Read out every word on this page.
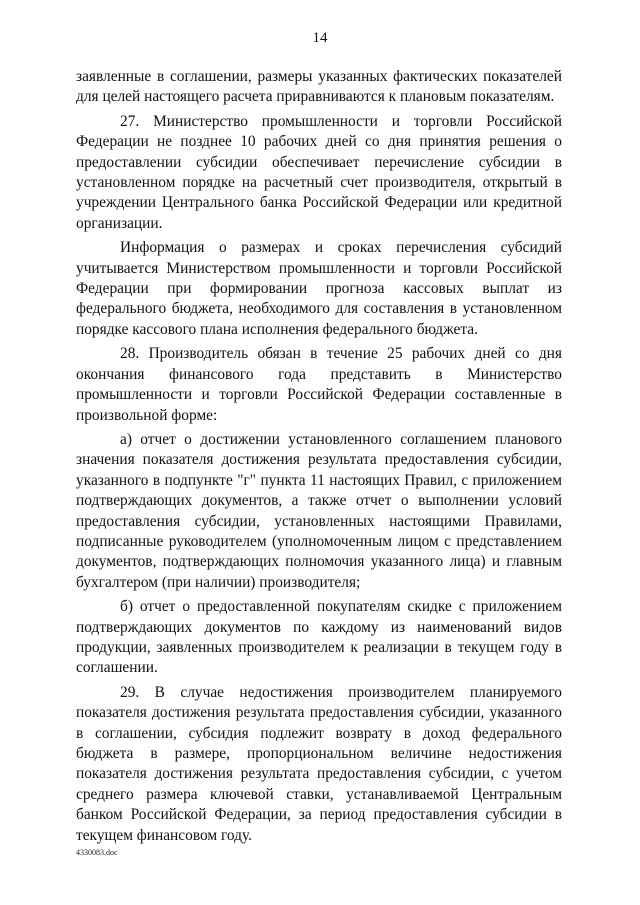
14

заявленные в соглашении, размеры указанных фактических показателей для целей настоящего расчета приравниваются к плановым показателям.

27. Министерство промышленности и торговли Российской Федерации не позднее 10 рабочих дней со дня принятия решения о предоставлении субсидии обеспечивает перечисление субсидии в установленном порядке на расчетный счет производителя, открытый в учреждении Центрального банка Российской Федерации или кредитной организации.

Информация о размерах и сроках перечисления субсидий учитывается Министерством промышленности и торговли Российской Федерации при формировании прогноза кассовых выплат из федерального бюджета, необходимого для составления в установленном порядке кассового плана исполнения федерального бюджета.

28. Производитель обязан в течение 25 рабочих дней со дня окончания финансового года представить в Министерство промышленности и торговли Российской Федерации составленные в произвольной форме:

а) отчет о достижении установленного соглашением планового значения показателя достижения результата предоставления субсидии, указанного в подпункте "г" пункта 11 настоящих Правил, с приложением подтверждающих документов, а также отчет о выполнении условий предоставления субсидии, установленных настоящими Правилами, подписанные руководителем (уполномоченным лицом с представлением документов, подтверждающих полномочия указанного лица) и главным бухгалтером (при наличии) производителя;

б) отчет о предоставленной покупателям скидке с приложением подтверждающих документов по каждому из наименований видов продукции, заявленных производителем к реализации в текущем году в соглашении.

29. В случае недостижения производителем планируемого показателя достижения результата предоставления субсидии, указанного в соглашении, субсидия подлежит возврату в доход федерального бюджета в размере, пропорциональном величине недостижения показателя достижения результата предоставления субсидии, с учетом среднего размера ключевой ставки, устанавливаемой Центральным банком Российской Федерации, за период предоставления субсидии в текущем финансовом году.

4330083.doc
